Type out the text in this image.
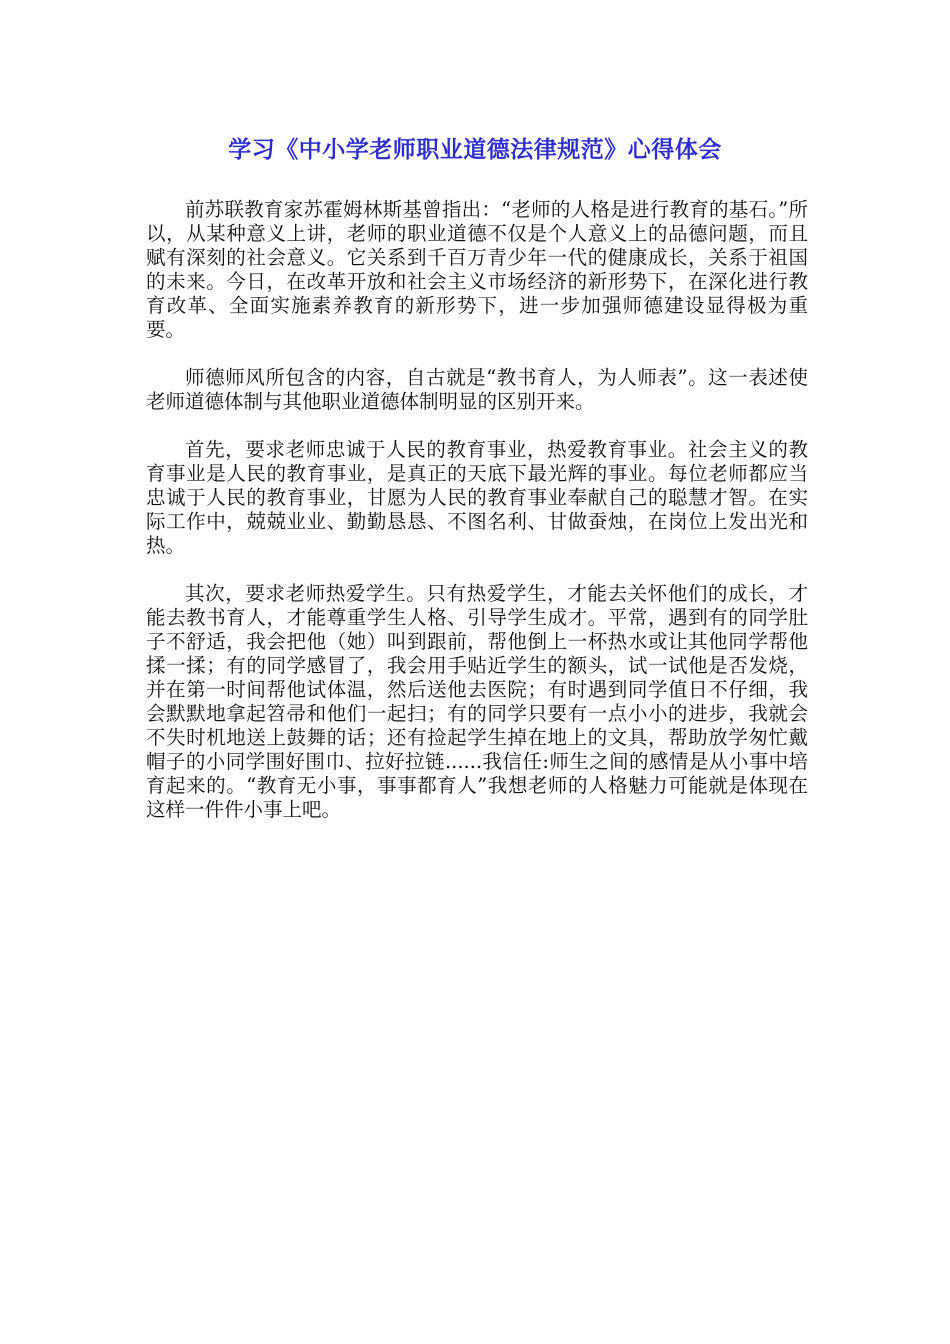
学习《中小学老师职业道德法律规范》心得体会

前苏联教育家苏霍姆林斯基曾指出：“老师的人格是进行教育的基石。”所以，从某种意义上讲，老师的职业道德不仅是个人意义上的品德问题，而且赋有深刻的社会意义。它关系到千百万青少年一代的健康成长，关系于祖国的未来。今日，在改革开放和社会主义市场经济的新形势下，在深化进行教育改革、全面实施素养教育的新形势下，进一步加强师德建设显得极为重要。

师德师风所包含的内容，自古就是“教书育人，为人师表”。这一表述使老师道德体制与其他职业道德体制明显的区别开来。

首先，要求老师忠诚于人民的教育事业，热爱教育事业。社会主义的教育事业是人民的教育事业，是真正的天底下最光辉的事业。每位老师都应当忠诚于人民的教育事业，甘愿为人民的教育事业奉献自己的聪慧才智。在实际工作中，兢兢业业、勤勤恳恳、不图名利、甘做蚕烛，在岗位上发出光和热。

其次，要求老师热爱学生。只有热爱学生，才能去关怀他们的成长，才能去教书育人，才能尊重学生人格、引导学生成才。平常，遇到有的同学肚子不舒适，我会把他（她）叫到跟前，帮他倒上一杯热水或让其他同学帮他揉一揉；有的同学感冒了，我会用手贴近学生的额头，试一试他是否发烧，并在第一时间帮他试体温，然后送他去医院；有时遇到同学值日不仔细，我会默默地拿起笤帚和他们一起扫；有的同学只要有一点小小的进步，我就会不失时机地送上鼓舞的话；还有捡起学生掉在地上的文具，帮助放学匆忙戴帽子的小同学围好围巾、拉好拉链......我信任:师生之间的感情是从小事中培育起来的。“教育无小事，事事都育人”我想老师的人格魅力可能就是体现在这样一件件小事上吧。
